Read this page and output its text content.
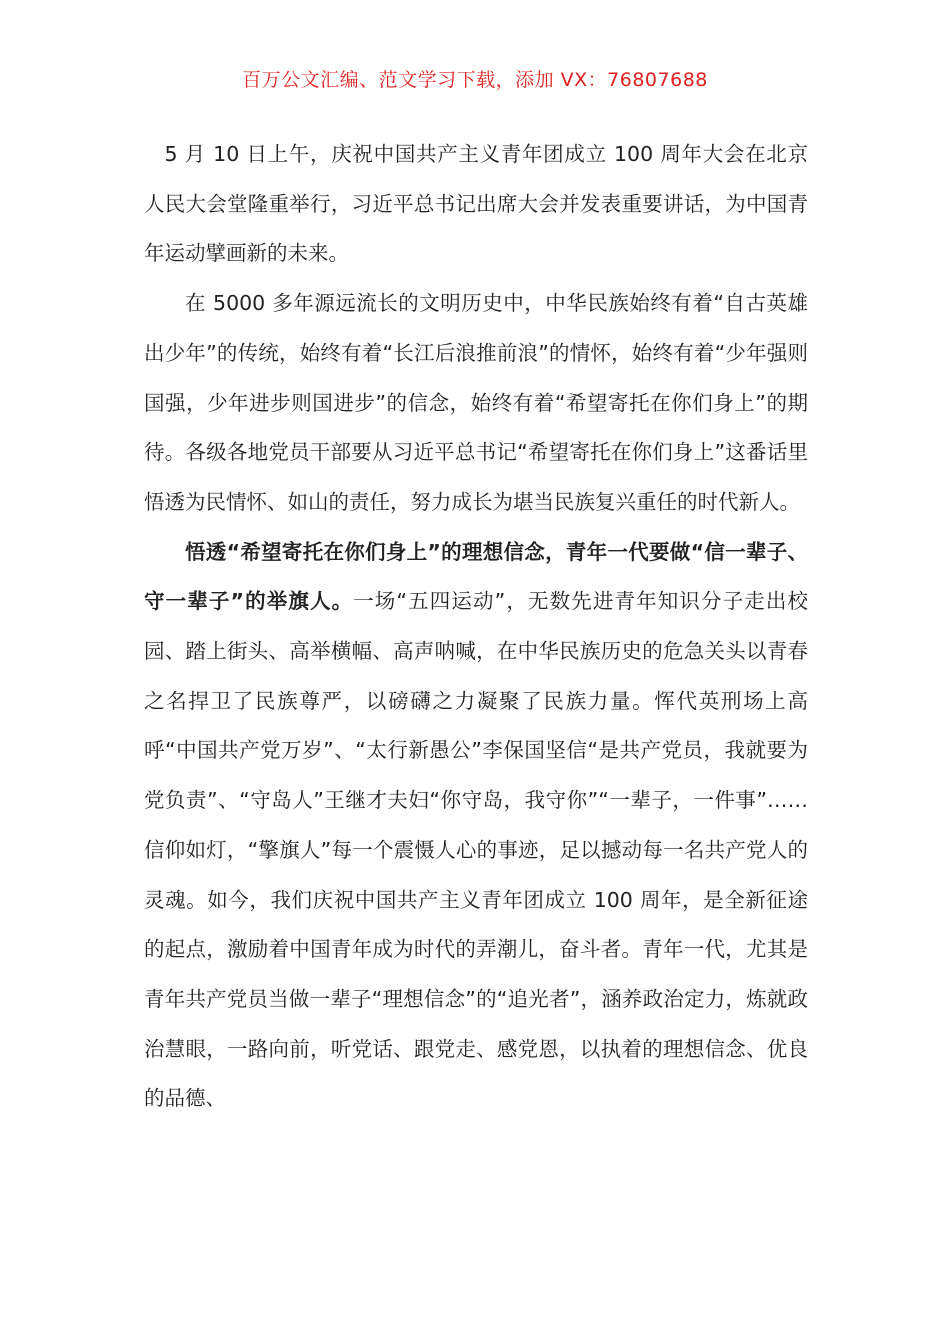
百万公文汇编、范文学习下载，添加 VX：76807688

5 月 10 日上午，庆祝中国共产主义青年团成立 100 周年大会在北京人民大会堂隆重举行，习近平总书记出席大会并发表重要讲话，为中国青年运动擘画新的未来。

在 5000 多年源远流长的文明历史中，中华民族始终有着“自古英雄出少年”的传统，始终有着“长江后浪推前浪”的情怀，始终有着“少年强则国强，少年进步则国进步”的信念，始终有着“希望寄托在你们身上”的期待。各级各地党员干部要从习近平总书记“希望寄托在你们身上”这番话里悟透为民情怀、如山的责任，努力成长为堪当民族复兴重任的时代新人。

悟透“希望寄托在你们身上”的理想信念，青年一代要做“信一辈子、守一辈子”的举旗人。一场“五四运动”，无数先进青年知识分子走出校园、踏上街头、高举横幅、高声呐喊，在中华民族历史的危急关头以青春之名捍卫了民族尊严，以磅礴之力凝聚了民族力量。恽代英刑场上高呼“中国共产党万岁”、“太行新愚公”李保国坚信“是共产党员，我就要为党负责”、“守岛人”王继才夫妇“你守岛，我守你”“一辈子，一件事”……信仰如灯，“擎旗人”每一个震慑人心的事迹，足以撼动每一名共产党人的灵魂。如今，我们庆祝中国共产主义青年团成立 100 周年，是全新征途的起点，激励着中国青年成为时代的弄潮儿，奋斗者。青年一代，尤其是青年共产党员当做一辈子“理想信念”的“追光者”，涵养政治定力，炼就政治慧眼，一路向前，听党话、跟党走、感党恩，以执着的理想信念、优良的品德、
